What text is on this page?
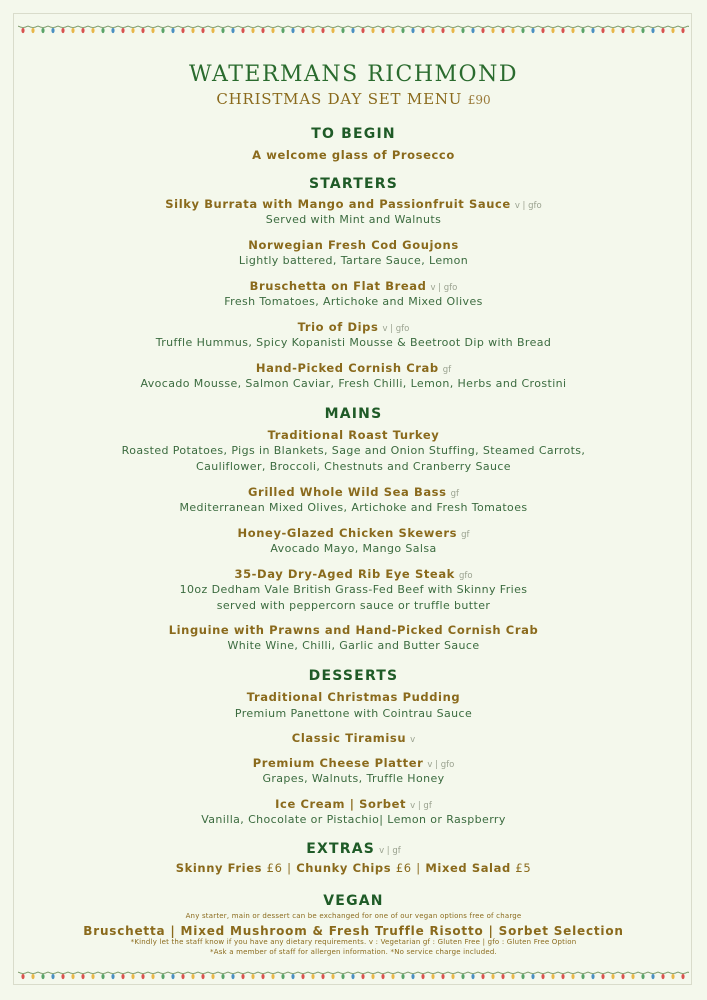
WATERMANS RICHMOND
CHRISTMAS DAY SET MENU £90
TO BEGIN
A welcome glass of Prosecco
STARTERS
Silky Burrata with Mango and Passionfruit Sauce v | gfo
Served with Mint and Walnuts
Norwegian Fresh Cod Goujons
Lightly battered, Tartare Sauce, Lemon
Bruschetta on Flat Bread v | gfo
Fresh Tomatoes, Artichoke and Mixed Olives
Trio of Dips v | gfo
Truffle Hummus, Spicy Kopanisti Mousse & Beetroot Dip with Bread
Hand-Picked Cornish Crab gf
Avocado Mousse, Salmon Caviar, Fresh Chilli, Lemon, Herbs and Crostini
MAINS
Traditional Roast Turkey
Roasted Potatoes, Pigs in Blankets, Sage and Onion Stuffing, Steamed Carrots,
Cauliflower, Broccoli, Chestnuts and Cranberry Sauce
Grilled Whole Wild Sea Bass gf
Mediterranean Mixed Olives, Artichoke and Fresh Tomatoes
Honey-Glazed Chicken Skewers gf
Avocado Mayo, Mango Salsa
35-Day Dry-Aged Rib Eye Steak gfo
10oz Dedham Vale British Grass-Fed Beef with Skinny Fries
served with peppercorn sauce or truffle butter
Linguine with Prawns and Hand-Picked Cornish Crab
White Wine, Chilli, Garlic and Butter Sauce
DESSERTS
Traditional Christmas Pudding
Premium Panettone with Cointrau Sauce
Classic Tiramisu v
Premium Cheese Platter v | gfo
Grapes, Walnuts, Truffle Honey
Ice Cream | Sorbet v | gf
Vanilla, Chocolate or Pistachio| Lemon or Raspberry
EXTRAS v | gf
Skinny Fries £6 | Chunky Chips £6 | Mixed Salad £5
VEGAN
Any starter, main or dessert can be exchanged for one of our vegan options free of charge
Bruschetta | Mixed Mushroom & Fresh Truffle Risotto | Sorbet Selection
*Kindly let the staff know if you have any dietary requirements. v : Vegetarian gf : Gluten Free | gfo : Gluten Free Option
*Ask a member of staff for allergen information. *No service charge included.
